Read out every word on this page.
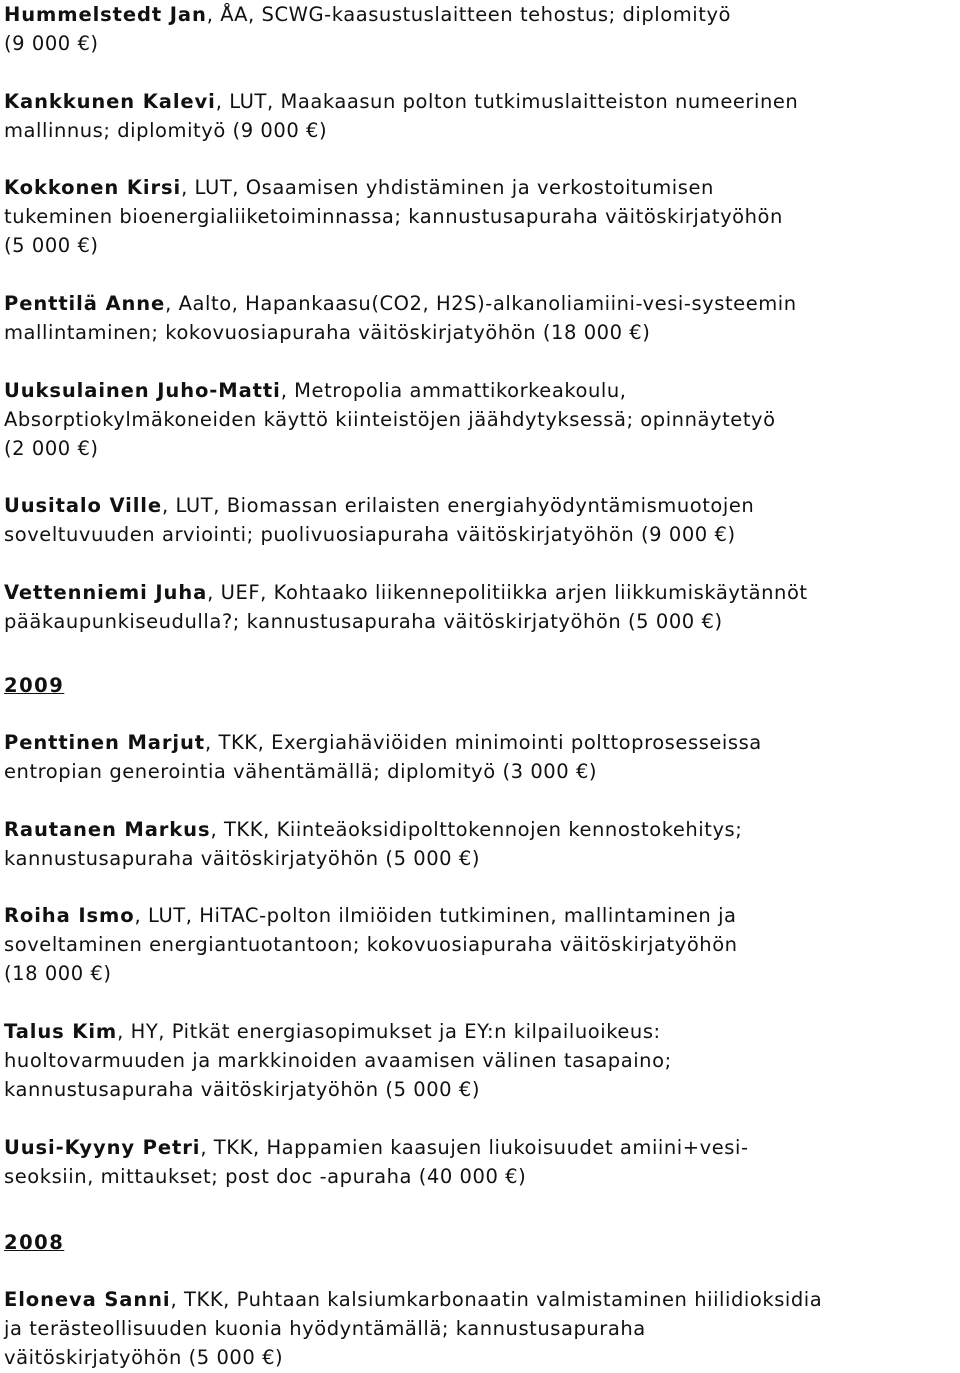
Hummelstedt Jan, ÅA, SCWG-kaasustuslaitteen tehostus; diplomityö
(9 000 €)
Kankkunen Kalevi, LUT, Maakaasun polton tutkimuslaitteiston numeerinen
mallinnus; diplomityö (9 000 €)
Kokkonen Kirsi, LUT, Osaamisen yhdistäminen ja verkostoitumisen
tukeminen bioenergialiiketoiminnassa; kannustusapuraha väitöskirjatyöhön
(5 000 €)
Penttilä Anne, Aalto, Hapankaasu(CO2, H2S)-alkanoliamiini-vesi-systeemin
mallintaminen; kokovuosiapuraha väitöskirjatyöhön (18 000 €)
Uuksulainen Juho-Matti, Metropolia ammattikorkeakoulu,
Absorptiokylmäkoneiden käyttö kiinteistöjen jäähdytyksessä; opinnäytetyö
(2 000 €)
Uusitalo Ville, LUT, Biomassan erilaisten energiahyödyntämismuotojen
soveltuvuuden arviointi; puolivuosiapuraha väitöskirjatyöhön (9 000 €)
Vettenniemi Juha, UEF, Kohtaako liikennepolitiikka arjen liikkumiskäytännöt
pääkaupunkiseudulla?; kannustusapuraha väitöskirjatyöhön (5 000 €)
2009
Penttinen Marjut, TKK, Exergiahäviöiden minimointi polttoprosesseissa
entropian generointia vähentämällä; diplomityö (3 000 €)
Rautanen Markus, TKK, Kiinteäoksidipolttokennojen kennostokehitys;
kannustusapuraha väitöskirjatyöhön (5 000 €)
Roiha Ismo, LUT, HiTAC-polton ilmiöiden tutkiminen, mallintaminen ja
soveltaminen energiantuotantoon; kokovuosiapuraha väitöskirjatyöhön
(18 000 €)
Talus Kim, HY, Pitkät energiasopimukset ja EY:n kilpailuoikeus:
huoltovarmuuden ja markkinoiden avaamisen välinen tasapaino;
kannustusapuraha väitöskirjatyöhön (5 000 €)
Uusi-Kyyny Petri, TKK, Happamien kaasujen liukoisuudet amiini+vesi-
seoksiin, mittaukset; post doc -apuraha (40 000 €)
2008
Eloneva Sanni, TKK, Puhtaan kalsiumkarbonaatin valmistaminen hiilidioksidia
ja terästeollisuuden kuonia hyödyntämällä; kannustusapuraha
väitöskirjatyöhön (5 000 €)
